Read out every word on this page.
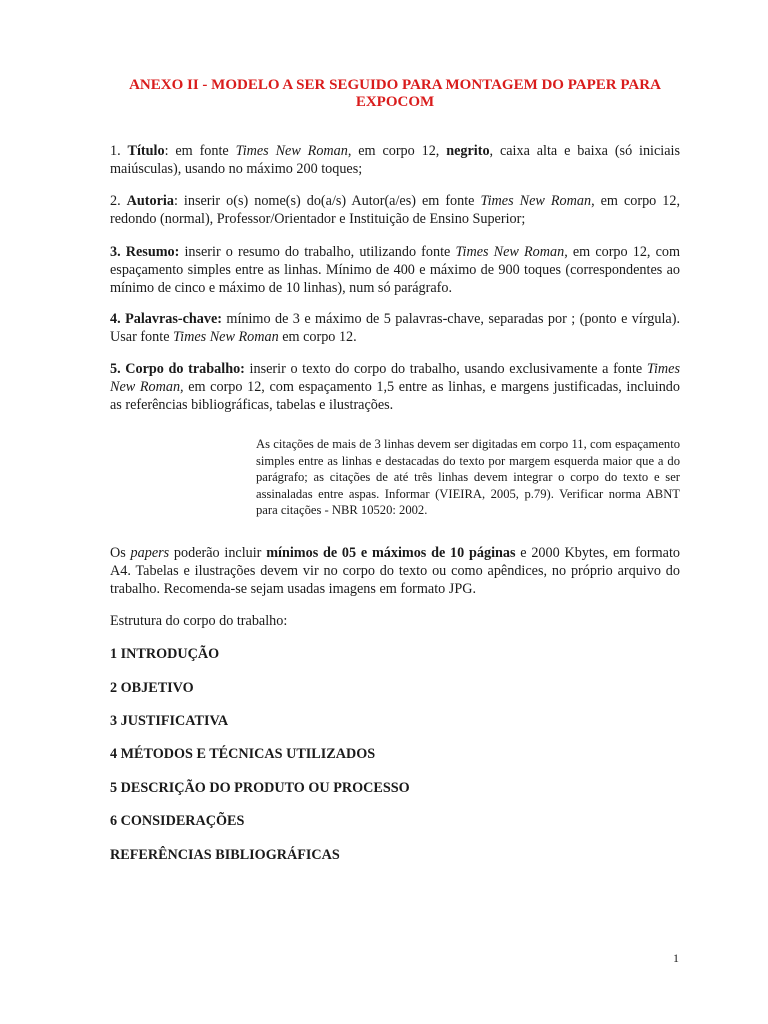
ANEXO II - MODELO A SER SEGUIDO PARA MONTAGEM DO PAPER PARA
EXPOCOM
1. Título: em fonte Times New Roman, em corpo 12, negrito, caixa alta e baixa (só iniciais maiúsculas), usando no máximo 200 toques;
2. Autoria: inserir o(s) nome(s) do(a/s) Autor(a/es) em fonte Times New Roman, em corpo 12, redondo (normal), Professor/Orientador e Instituição de Ensino Superior;
3. Resumo: inserir o resumo do trabalho, utilizando fonte Times New Roman, em corpo 12, com espaçamento simples entre as linhas. Mínimo de 400 e máximo de 900 toques (correspondentes ao mínimo de cinco e máximo de 10 linhas), num só parágrafo.
4. Palavras-chave: mínimo de 3 e máximo de 5 palavras-chave, separadas por ; (ponto e vírgula). Usar fonte Times New Roman em corpo 12.
5. Corpo do trabalho: inserir o texto do corpo do trabalho, usando exclusivamente a fonte Times New Roman, em corpo 12, com espaçamento 1,5 entre as linhas, e margens justificadas, incluindo as referências bibliográficas, tabelas e ilustrações.
As citações de mais de 3 linhas devem ser digitadas em corpo 11, com espaçamento simples entre as linhas e destacadas do texto por margem esquerda maior que a do parágrafo; as citações de até três linhas devem integrar o corpo do texto e ser assinaladas entre aspas. Informar (VIEIRA, 2005, p.79). Verificar norma ABNT para citações - NBR 10520: 2002.
Os papers poderão incluir mínimos de 05 e máximos de 10 páginas e 2000 Kbytes, em formato A4. Tabelas e ilustrações devem vir no corpo do texto ou como apêndices, no próprio arquivo do trabalho. Recomenda-se sejam usadas imagens em formato JPG.
Estrutura do corpo do trabalho:
1 INTRODUÇÃO
2 OBJETIVO
3 JUSTIFICATIVA
4 MÉTODOS E TÉCNICAS UTILIZADOS
5 DESCRIÇÃO DO PRODUTO OU PROCESSO
6 CONSIDERAÇÕES
REFERÊNCIAS BIBLIOGRÁFICAS
1
